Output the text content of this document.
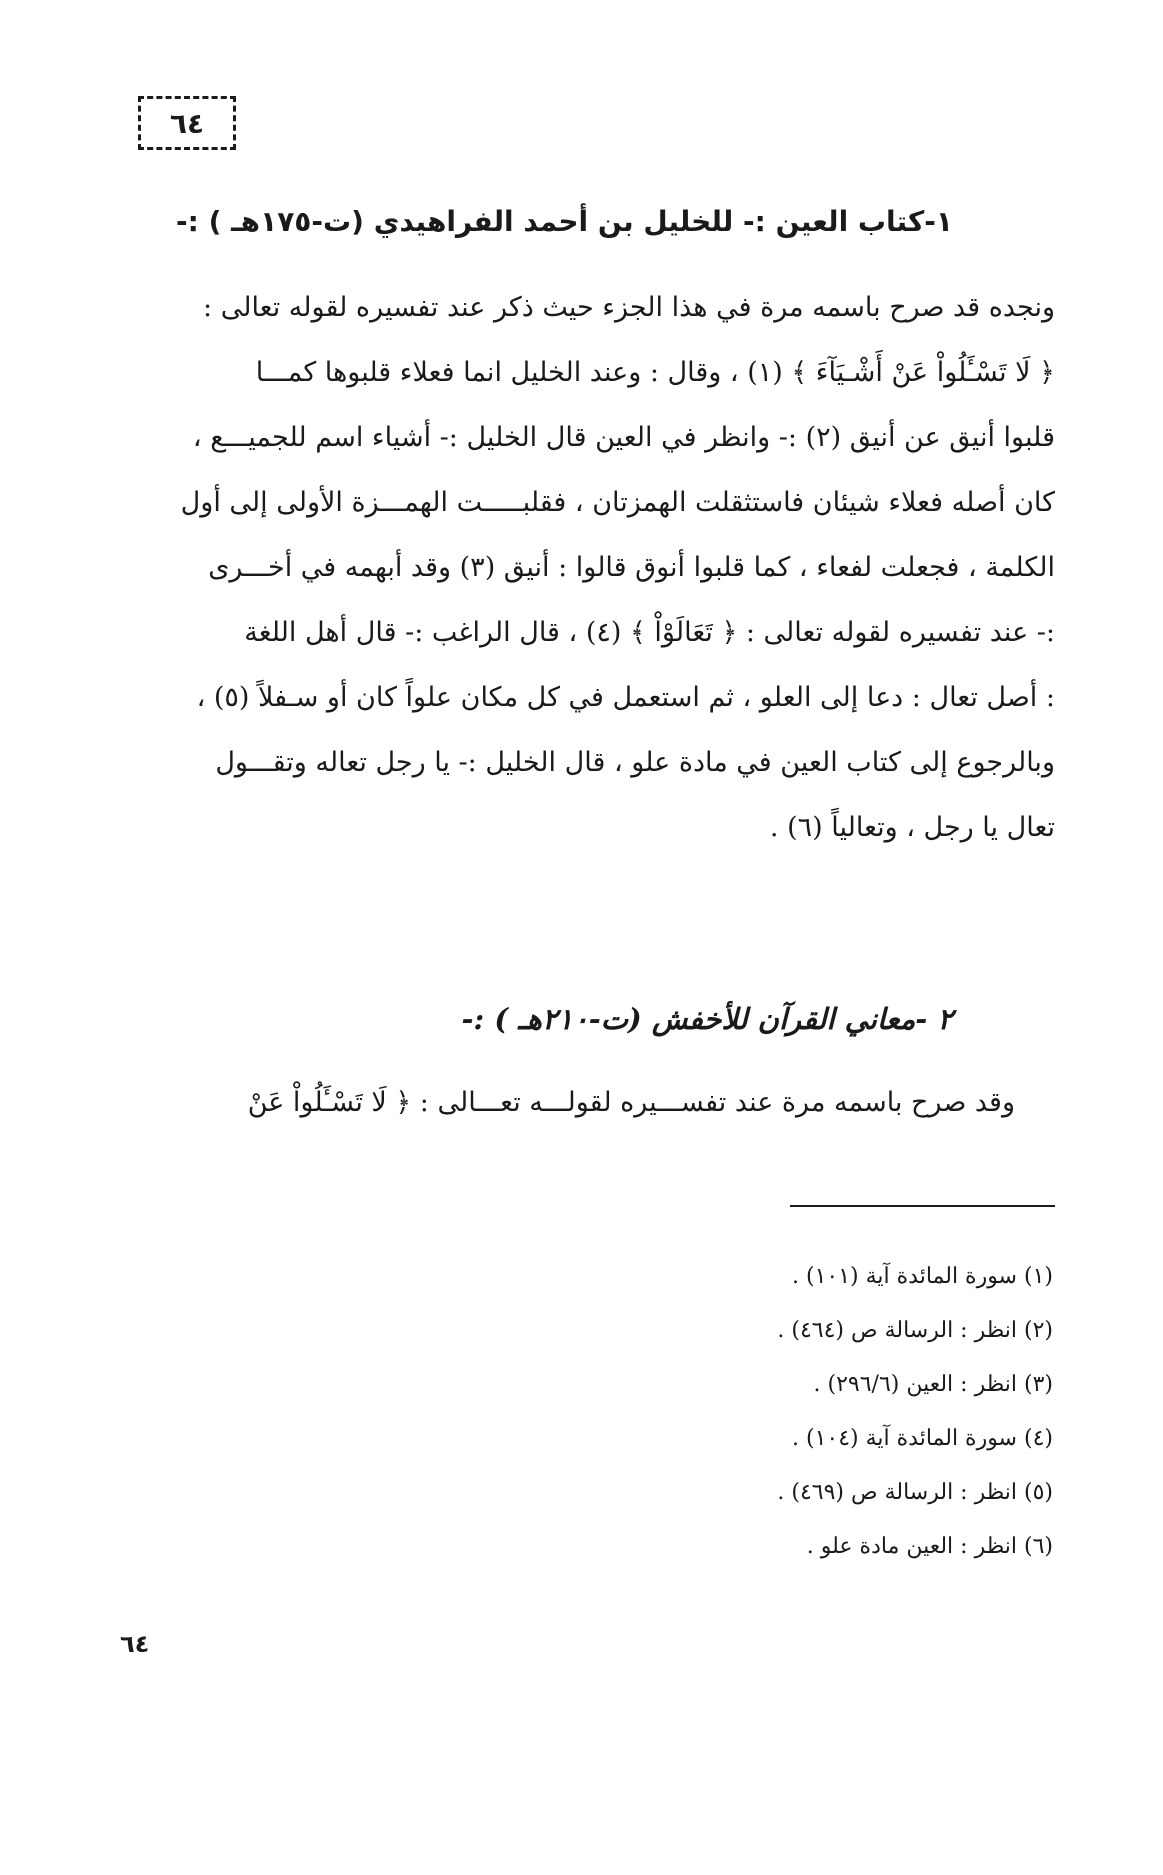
٦٤
١-كتاب العين :- للخليل بن أحمد الفراهيدي (ت-١٧٥هـ ) :-
ونجده قد صرح باسمه مرة في هذا الجزء حيث ذكر عند تفسيره لقوله تعالى :
﴿ لَا تَسْـَٔلُواْ عَنْ أَشْـيَآءَ ﴾ (١) ، وقال : وعند الخليل انما فعلاء قلبوها كمـــا
قلبوا أنيق عن أنيق (٢) :- وانظر في العين قال الخليل :- أشياء اسم للجميـــع ،
كان أصله فعلاء شيئان فاستثقلت الهمزتان ، فقلبـــــت الهمـــزة الأولى إلى أول
الكلمة ، فجعلت لفعاء ، كما قلبوا أنوق قالوا : أنيق (٣) وقد أبهمه في أخـــرى
:- عند تفسيره لقوله تعالى : ﴿ تَعَالَوْاْ ﴾ (٤) ، قال الراغب :- قال أهل اللغة
: أصل تعال : دعا إلى العلو ، ثم استعمل في كل مكان علواً كان أو سـفلاً (٥) ،
وبالرجوع إلى كتاب العين في مادة علو ، قال الخليل :- يا رجل تعاله وتقـــول
تعال يا رجل ، وتعالياً (٦) .
٢ -معاني القرآن للأخفش (ت-٢١٠هـ ) :-
وقد صرح باسمه مرة عند تفســـيره لقولـــه تعـــالى : ﴿ لَا تَسْـَٔلُواْ عَنْ
(١) سورة المائدة آية (١٠١) .
(٢) انظر : الرسالة ص (٤٦٤) .
(٣) انظر : العين (٢٩٦/٦) .
(٤) سورة المائدة آية (١٠٤) .
(٥) انظر : الرسالة ص (٤٦٩) .
(٦) انظر : العين مادة علو .
٦٤
